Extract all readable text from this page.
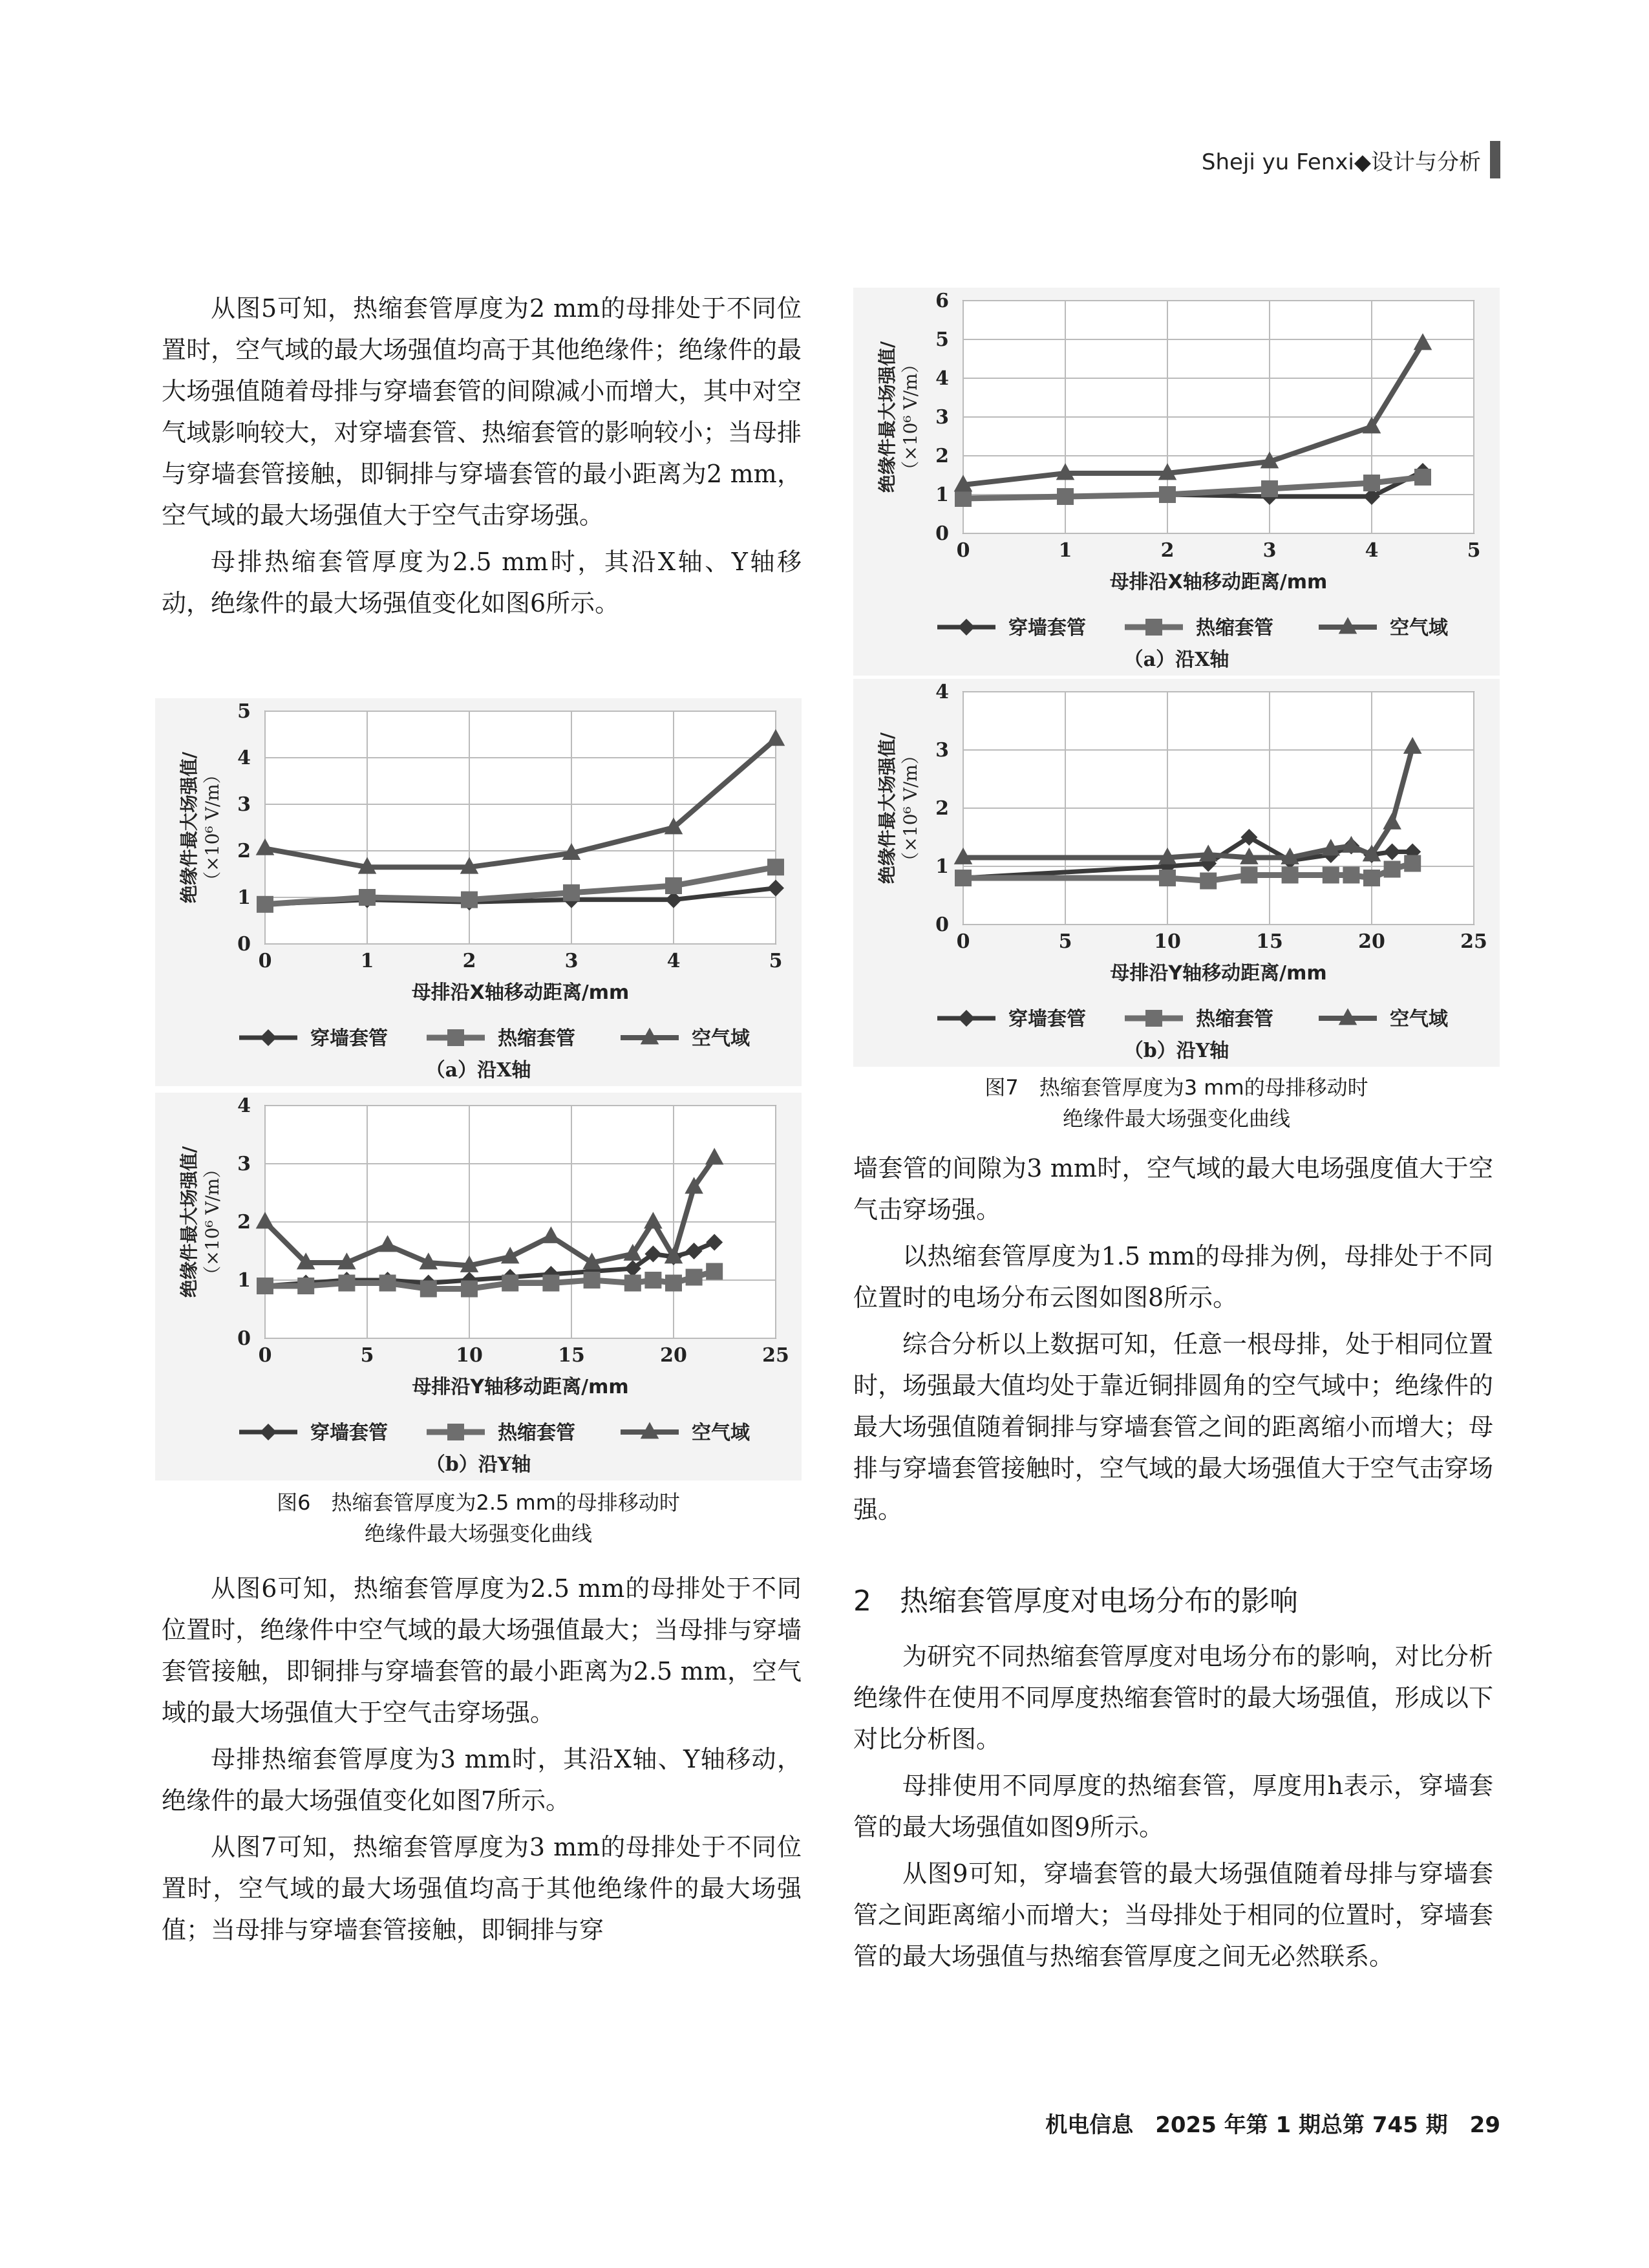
Sheji yu Fenxi◆设计与分析

从图5可知，热缩套管厚度为2 mm的母排处于不同位置时，空气域的最大场强值均高于其他绝缘件；绝缘件的最大场强值随着母排与穿墙套管的间隙减小而增大，其中对空气域影响较大，对穿墙套管、热缩套管的影响较小；当母排与穿墙套管接触，即铜排与穿墙套管的最小距离为2 mm，空气域的最大场强值大于空气击穿场强。

母排热缩套管厚度为2.5 mm时，其沿X轴、Y轴移动，绝缘件的最大场强值变化如图6所示。

0	1	2	3	4	5
0
1
2
3
4
5
绝缘件最大场强值/ （×10⁶ V/m）
母排沿X轴移动距离/mm
穿墙套管	热缩套管	空气域
（a）沿X轴
0	5	10	15	20	25
0
1
2
3
4
绝缘件最大场强值/ （×10⁶ V/m）
母排沿Y轴移动距离/mm
穿墙套管	热缩套管	空气域
（b）沿Y轴
图6　热缩套管厚度为2.5 mm的母排移动时
绝缘件最大场强变化曲线

从图6可知，热缩套管厚度为2.5 mm的母排处于不同位置时，绝缘件中空气域的最大场强值最大；当母排与穿墙套管接触，即铜排与穿墙套管的最小距离为2.5 mm，空气域的最大场强值大于空气击穿场强。

母排热缩套管厚度为3 mm时，其沿X轴、Y轴移动，绝缘件的最大场强值变化如图7所示。

从图7可知，热缩套管厚度为3 mm的母排处于不同位置时，空气域的最大场强值均高于其他绝缘件的最大场强值；当母排与穿墙套管接触，即铜排与穿

0	1	2	3	4	5
0
1
2
3
4
5
6
绝缘件最大场强值/ （×10⁶ V/m）
母排沿X轴移动距离/mm
穿墙套管	热缩套管	空气域
（a）沿X轴
0	5	10	15	20	25
0
1
2
3
4
绝缘件最大场强值/ （×10⁶ V/m）
母排沿Y轴移动距离/mm
穿墙套管	热缩套管	空气域
（b）沿Y轴
图7　热缩套管厚度为3 mm的母排移动时
绝缘件最大场强变化曲线

墙套管的间隙为3 mm时，空气域的最大电场强度值大于空气击穿场强。

以热缩套管厚度为1.5 mm的母排为例，母排处于不同位置时的电场分布云图如图8所示。

综合分析以上数据可知，任意一根母排，处于相同位置时，场强最大值均处于靠近铜排圆角的空气域中；绝缘件的最大场强值随着铜排与穿墙套管之间的距离缩小而增大；母排与穿墙套管接触时，空气域的最大场强值大于空气击穿场强。

2　热缩套管厚度对电场分布的影响

为研究不同热缩套管厚度对电场分布的影响，对比分析绝缘件在使用不同厚度热缩套管时的最大场强值，形成以下对比分析图。

母排使用不同厚度的热缩套管，厚度用h表示，穿墙套管的最大场强值如图9所示。

从图9可知，穿墙套管的最大场强值随着母排与穿墙套管之间距离缩小而增大；当母排处于相同的位置时，穿墙套管的最大场强值与热缩套管厚度之间无必然联系。

机电信息　2025 年第 1 期总第 745 期　29
